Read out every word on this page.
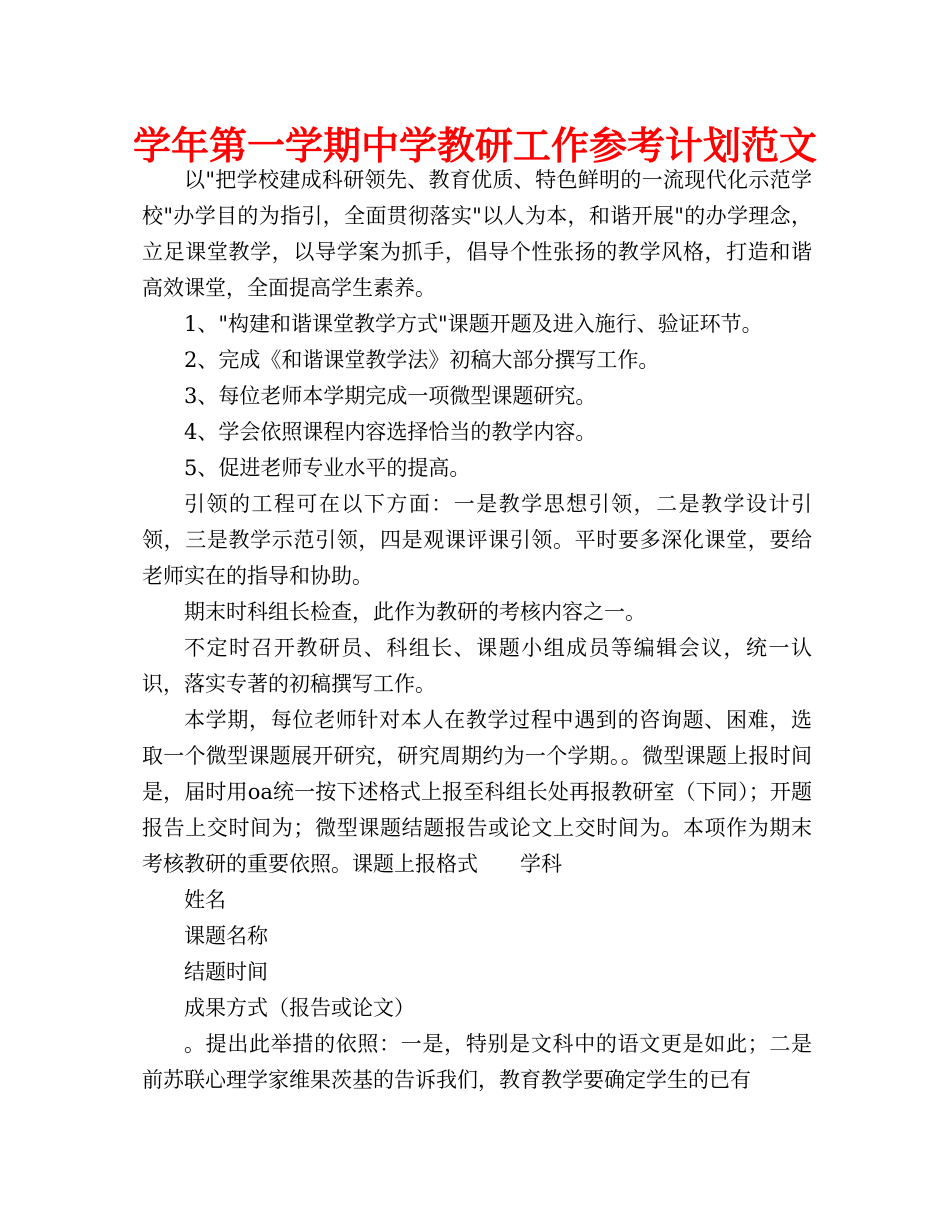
学年第一学期中学教研工作参考计划范文

以"把学校建成科研领先、教育优质、特色鲜明的一流现代化示范学校"办学目的为指引，全面贯彻落实"以人为本，和谐开展"的办学理念，立足课堂教学，以导学案为抓手，倡导个性张扬的教学风格，打造和谐高效课堂，全面提高学生素养。

1、"构建和谐课堂教学方式"课题开题及进入施行、验证环节。

2、完成《和谐课堂教学法》初稿大部分撰写工作。

3、每位老师本学期完成一项微型课题研究。

4、学会依照课程内容选择恰当的教学内容。

5、促进老师专业水平的提高。

引领的工程可在以下方面：一是教学思想引领，二是教学设计引领，三是教学示范引领，四是观课评课引领。平时要多深化课堂，要给老师实在的指导和协助。

期末时科组长检查，此作为教研的考核内容之一。

不定时召开教研员、科组长、课题小组成员等编辑会议，统一认识，落实专著的初稿撰写工作。

本学期，每位老师针对本人在教学过程中遇到的咨询题、困难，选取一个微型课题展开研究，研究周期约为一个学期。。微型课题上报时间是，届时用oa统一按下述格式上报至科组长处再报教研室（下同）；开题报告上交时间为；微型课题结题报告或论文上交时间为。本项作为期末考核教研的重要依照。课题上报格式　　学科

姓名

课题名称

结题时间

成果方式（报告或论文）

。提出此举措的依照：一是，特别是文科中的语文更是如此；二是前苏联心理学家维果茨基的告诉我们，教育教学要确定学生的已有
